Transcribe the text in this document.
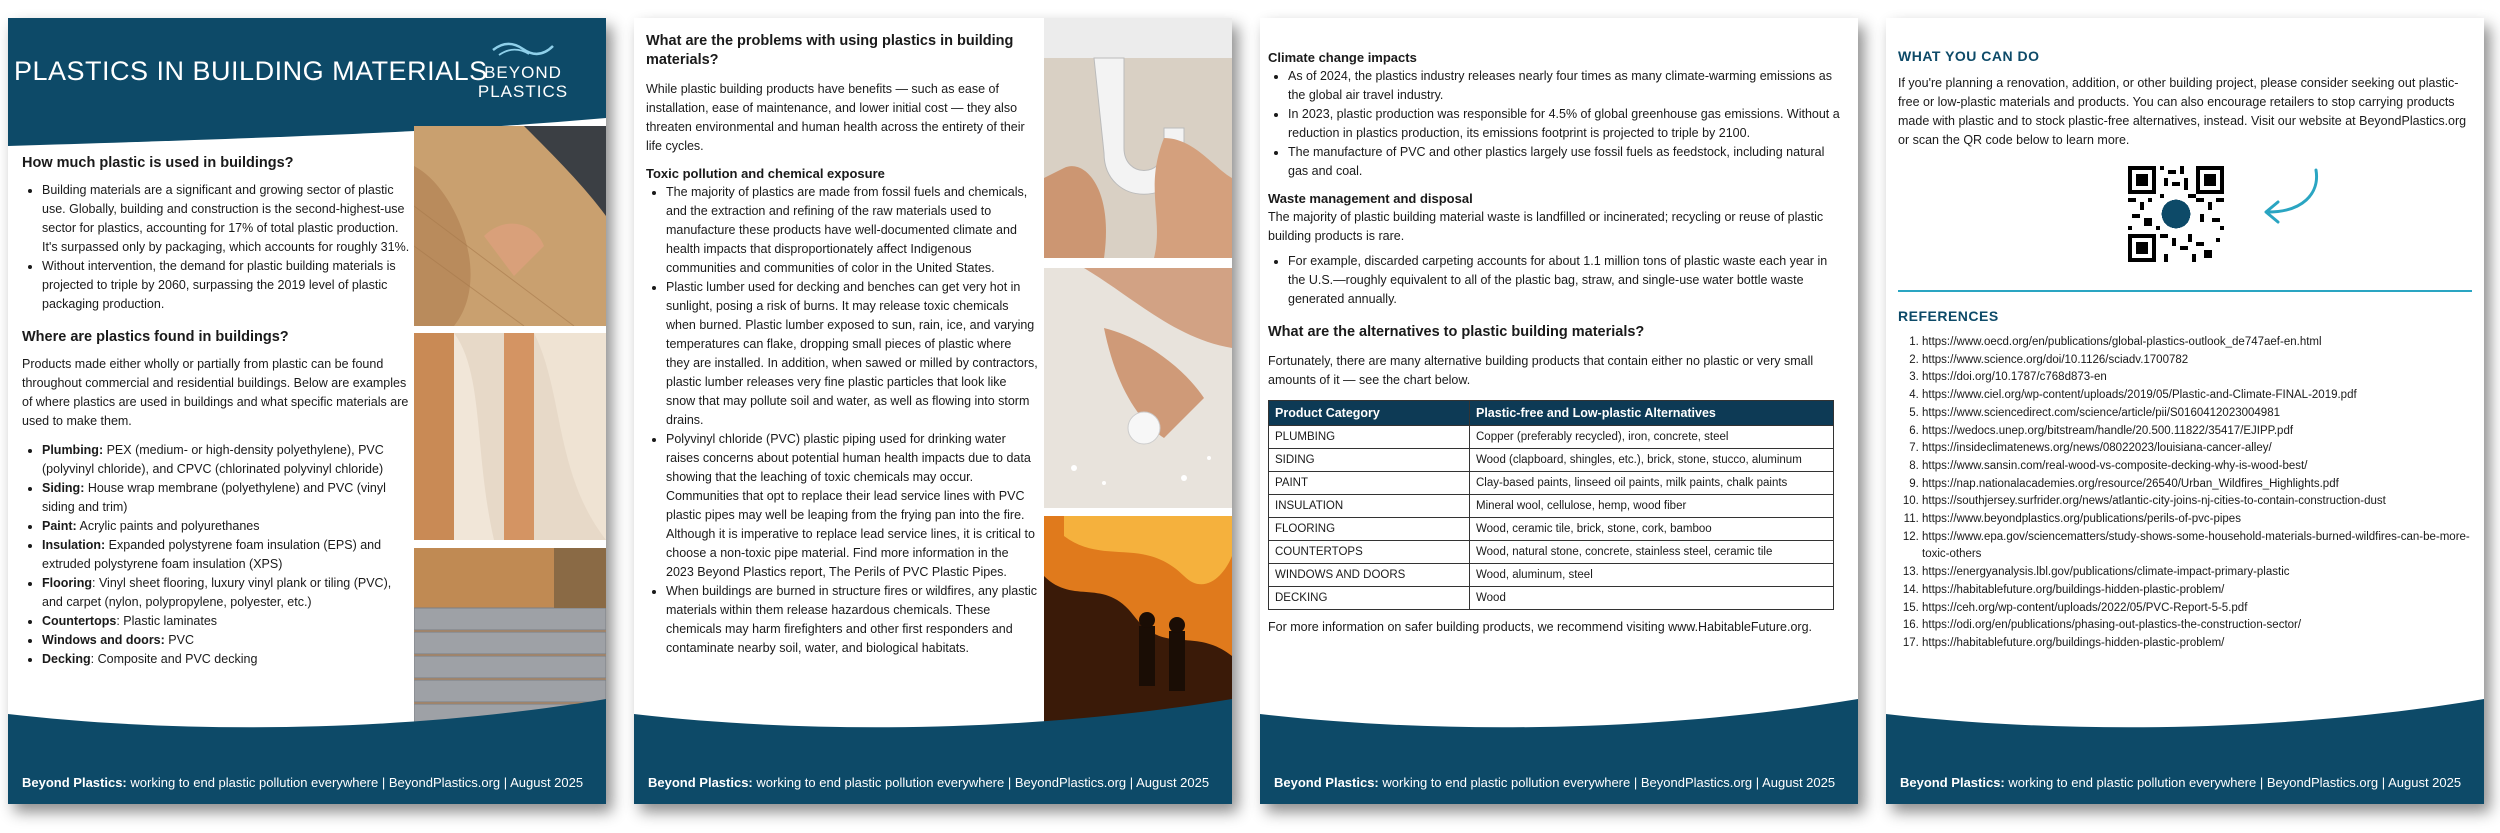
PLASTICS IN BUILDING MATERIALS
BEYOND
PLASTICS
How much plastic is used in buildings?
• Building materials are a significant and growing sector of plastic use. Globally, building and construction is the second-highest-use sector for plastics, accounting for 17% of total plastic production. It's surpassed only by packaging, which accounts for roughly 31%.
• Without intervention, the demand for plastic building materials is projected to triple by 2060, surpassing the 2019 level of plastic packaging production.
Where are plastics found in buildings?
Products made either wholly or partially from plastic can be found throughout commercial and residential buildings. Below are examples of where plastics are used in buildings and what specific materials are used to make them.
• Plumbing: PEX (medium- or high-density polyethylene), PVC (polyvinyl chloride), and CPVC (chlorinated polyvinyl chloride)
• Siding: House wrap membrane (polyethylene) and PVC (vinyl siding and trim)
• Paint: Acrylic paints and polyurethanes
• Insulation: Expanded polystyrene foam insulation (EPS) and extruded polystyrene foam insulation (XPS)
• Flooring: Vinyl sheet flooring, luxury vinyl plank or tiling (PVC), and carpet (nylon, polypropylene, polyester, etc.)
• Countertops: Plastic laminates
• Windows and doors: PVC
• Decking: Composite and PVC decking
Beyond Plastics: working to end plastic pollution everywhere | BeyondPlastics.org | August 2025
What are the problems with using plastics in building materials?
While plastic building products have benefits — such as ease of installation, ease of maintenance, and lower initial cost — they also threaten environmental and human health across the entirety of their life cycles.
Toxic pollution and chemical exposure
• The majority of plastics are made from fossil fuels and chemicals, and the extraction and refining of the raw materials used to manufacture these products have well-documented climate and health impacts that disproportionately affect Indigenous communities and communities of color in the United States.
• Plastic lumber used for decking and benches can get very hot in sunlight, posing a risk of burns. It may release toxic chemicals when burned. Plastic lumber exposed to sun, rain, ice, and varying temperatures can flake, dropping small pieces of plastic where they are installed. In addition, when sawed or milled by contractors, plastic lumber releases very fine plastic particles that look like snow that may pollute soil and water, as well as flowing into storm drains.
• Polyvinyl chloride (PVC) plastic piping used for drinking water raises concerns about potential human health impacts due to data showing that the leaching of toxic chemicals may occur. Communities that opt to replace their lead service lines with PVC plastic pipes may well be leaping from the frying pan into the fire. Although it is imperative to replace lead service lines, it is critical to choose a non-toxic pipe material. Find more information in the 2023 Beyond Plastics report, The Perils of PVC Plastic Pipes.
• When buildings are burned in structure fires or wildfires, any plastic materials within them release hazardous chemicals. These chemicals may harm firefighters and other first responders and contaminate nearby soil, water, and biological habitats.
Beyond Plastics: working to end plastic pollution everywhere | BeyondPlastics.org | August 2025
Climate change impacts
• As of 2024, the plastics industry releases nearly four times as many climate-warming emissions as the global air travel industry.
• In 2023, plastic production was responsible for 4.5% of global greenhouse gas emissions. Without a reduction in plastics production, its emissions footprint is projected to triple by 2100.
• The manufacture of PVC and other plastics largely use fossil fuels as feedstock, including natural gas and coal.
Waste management and disposal
The majority of plastic building material waste is landfilled or incinerated; recycling or reuse of plastic building products is rare.
• For example, discarded carpeting accounts for about 1.1 million tons of plastic waste each year in the U.S.—roughly equivalent to all of the plastic bag, straw, and single-use water bottle waste generated annually.
What are the alternatives to plastic building materials?
Fortunately, there are many alternative building products that contain either no plastic or very small amounts of it — see the chart below.
Product Category	Plastic-free and Low-plastic Alternatives
PLUMBING	Copper (preferably recycled), iron, concrete, steel
SIDING	Wood (clapboard, shingles, etc.), brick, stone, stucco, aluminum
PAINT	Clay-based paints, linseed oil paints, milk paints, chalk paints
INSULATION	Mineral wool, cellulose, hemp, wood fiber
FLOORING	Wood, ceramic tile, brick, stone, cork, bamboo
COUNTERTOPS	Wood, natural stone, concrete, stainless steel, ceramic tile
WINDOWS AND DOORS	Wood, aluminum, steel
DECKING	Wood
For more information on safer building products, we recommend visiting www.HabitableFuture.org.
Beyond Plastics: working to end plastic pollution everywhere | BeyondPlastics.org | August 2025
WHAT YOU CAN DO
If you're planning a renovation, addition, or other building project, please consider seeking out plastic-free or low-plastic materials and products. You can also encourage retailers to stop carrying products made with plastic and to stock plastic-free alternatives, instead. Visit our website at BeyondPlastics.org or scan the QR code below to learn more.
REFERENCES
1. https://www.oecd.org/en/publications/global-plastics-outlook_de747aef-en.html
2. https://www.science.org/doi/10.1126/sciadv.1700782
3. https://doi.org/10.1787/c768d873-en
4. https://www.ciel.org/wp-content/uploads/2019/05/Plastic-and-Climate-FINAL-2019.pdf
5. https://www.sciencedirect.com/science/article/pii/S0160412023004981
6. https://wedocs.unep.org/bitstream/handle/20.500.11822/35417/EJIPP.pdf
7. https://insideclimatenews.org/news/08022023/louisiana-cancer-alley/
8. https://www.sansin.com/real-wood-vs-composite-decking-why-is-wood-best/
9. https://nap.nationalacademies.org/resource/26540/Urban_Wildfires_Highlights.pdf
10. https://southjersey.surfrider.org/news/atlantic-city-joins-nj-cities-to-contain-construction-dust
11. https://www.beyondplastics.org/publications/perils-of-pvc-pipes
12. https://www.epa.gov/sciencematters/study-shows-some-household-materials-burned-wildfires-can-be-more-toxic-others
13. https://energyanalysis.lbl.gov/publications/climate-impact-primary-plastic
14. https://habitablefuture.org/buildings-hidden-plastic-problem/
15. https://ceh.org/wp-content/uploads/2022/05/PVC-Report-5-5.pdf
16. https://odi.org/en/publications/phasing-out-plastics-the-construction-sector/
17. https://habitablefuture.org/buildings-hidden-plastic-problem/
Beyond Plastics: working to end plastic pollution everywhere | BeyondPlastics.org | August 2025
